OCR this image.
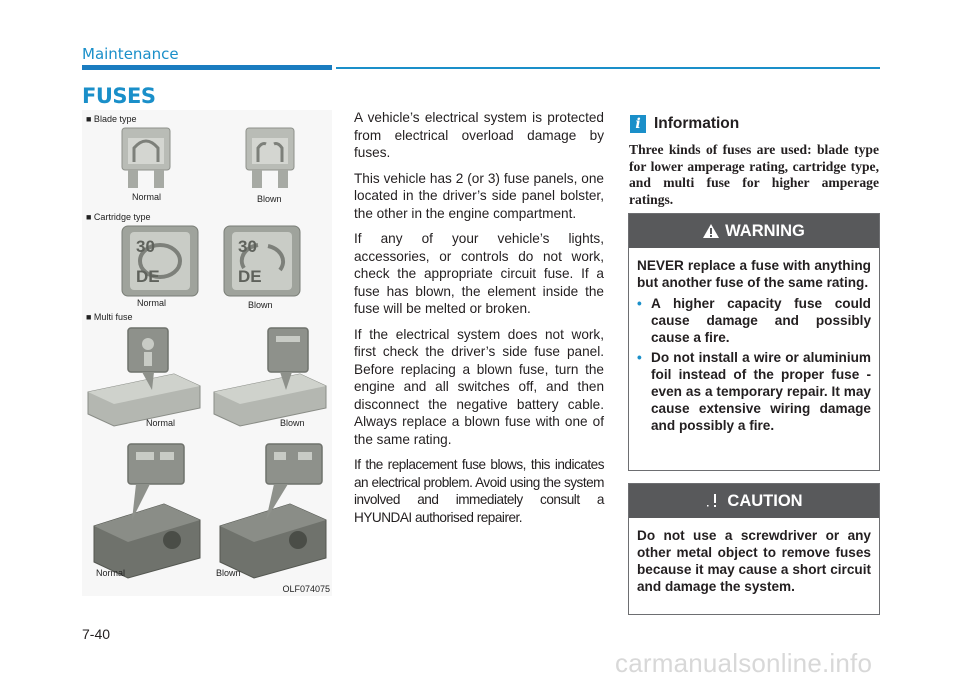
Maintenance
FUSES
■ Blade type
Normal	Blown
■ Cartridge type
30
DE
Normal
30
DE
Blown
■ Multi fuse
Normal	Blown
Normal	Blown
OLF074075

A vehicle’s electrical system is protected from electrical overload damage by fuses.

This vehicle has 2 (or 3) fuse panels, one located in the driver’s side panel bolster, the other in the engine compartment.

If any of your vehicle’s lights, accessories, or controls do not work, check the appropriate circuit fuse. If a fuse has blown, the element inside the fuse will be melted or broken.

If the electrical system does not work, first check the driver’s side fuse panel. Before replacing a blown fuse, turn the engine and all switches off, and then disconnect the negative battery cable. Always replace a blown fuse with one of the same rating.

If the replacement fuse blows, this indicates an electrical problem. Avoid using the system involved and immediately consult a HYUNDAI authorised repairer.

i Information
Three kinds of fuses are used: blade type for lower amperage rating, cartridge type, and multi fuse for higher amperage ratings.
WARNING

NEVER replace a fuse with anything but another fuse of the same rating.

• A higher capacity fuse could cause damage and possibly cause a fire.
• Do not install a wire or aluminium foil instead of the proper fuse - even as a temporary repair. It may cause extensive wiring damage and possibly a fire.
CAUTION

Do not use a screwdriver or any other metal object to remove fuses because it may cause a short circuit and damage the system.

7-40
carmanualsonline.info
